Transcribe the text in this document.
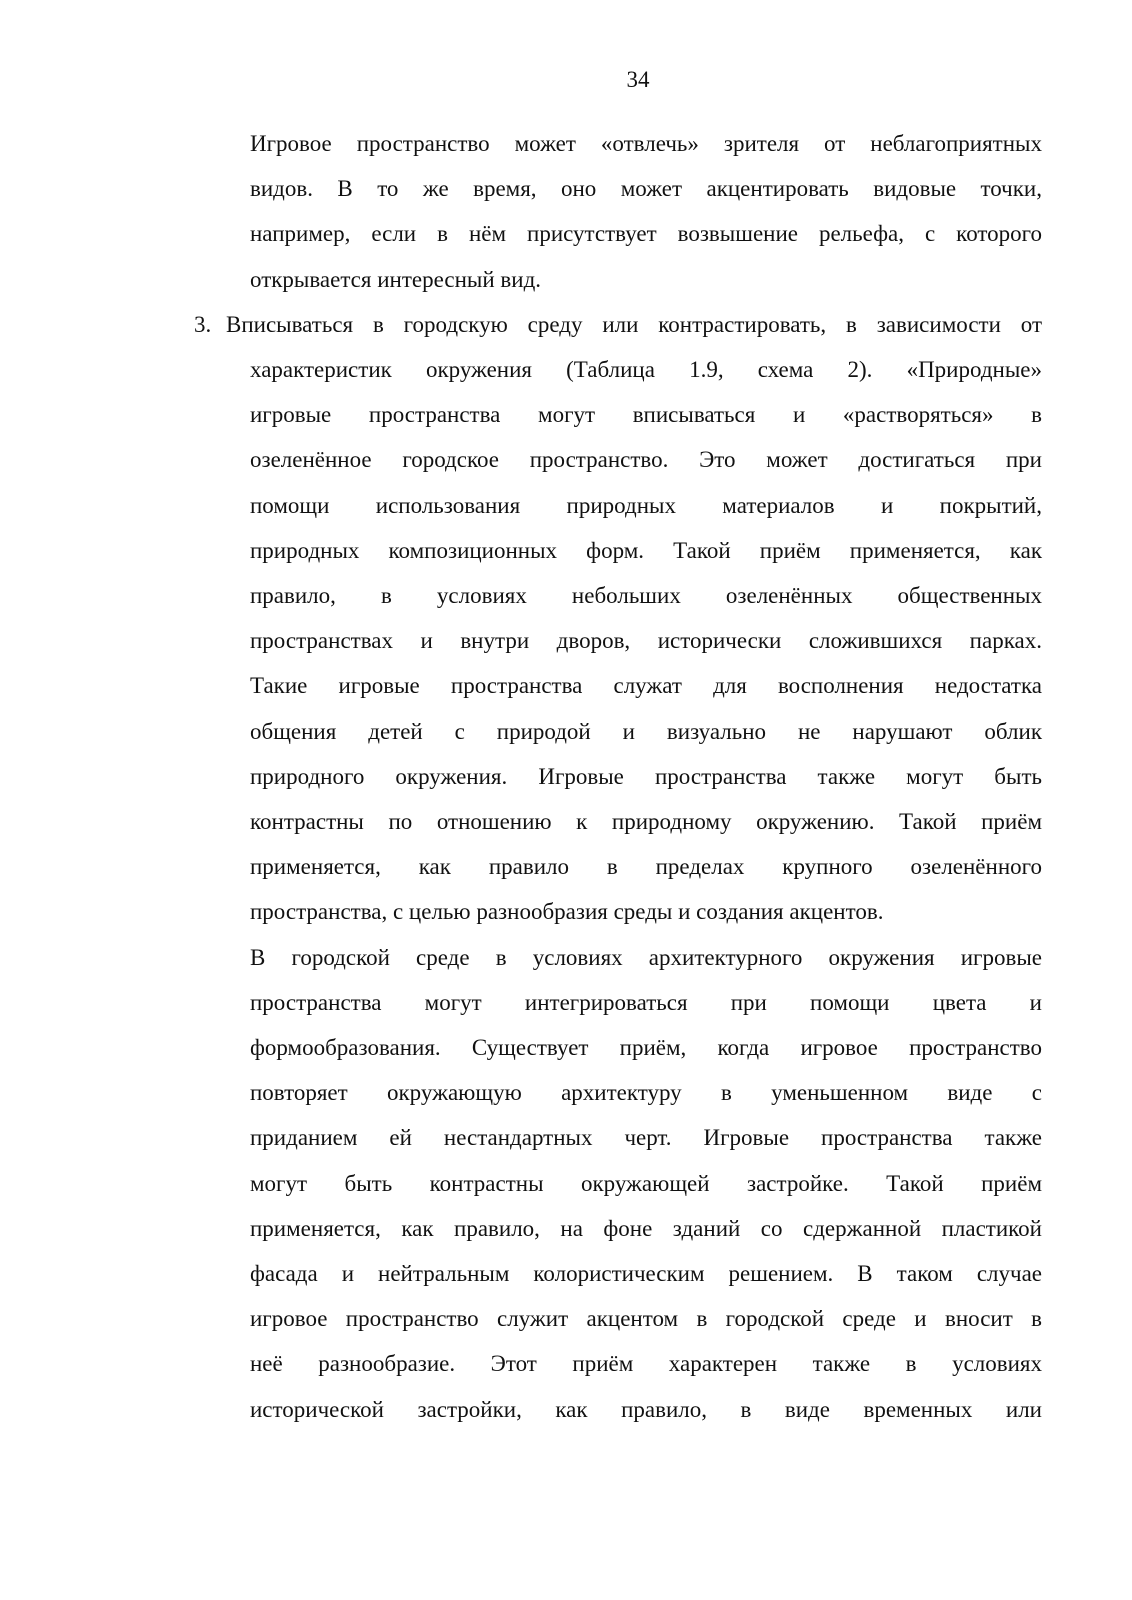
34
Игровое пространство может «отвлечь» зрителя от неблагоприятных
видов. В то же время, оно может акцентировать видовые точки,
например, если в нём присутствует возвышение рельефа, с которого
открывается интересный вид.
3. Вписываться в городскую среду или контрастировать, в зависимости от
характеристик окружения (Таблица 1.9, схема 2). «Природные»
игровые пространства могут вписываться и «растворяться» в
озеленённое городское пространство. Это может достигаться при
помощи использования природных материалов и покрытий,
природных композиционных форм. Такой приём применяется, как
правило, в условиях небольших озеленённых общественных
пространствах и внутри дворов, исторически сложившихся парках.
Такие игровые пространства служат для восполнения недостатка
общения детей с природой и визуально не нарушают облик
природного окружения. Игровые пространства также могут быть
контрастны по отношению к природному окружению. Такой приём
применяется, как правило в пределах крупного озеленённого
пространства, с целью разнообразия среды и создания акцентов.
В городской среде в условиях архитектурного окружения игровые
пространства могут интегрироваться при помощи цвета и
формообразования. Существует приём, когда игровое пространство
повторяет окружающую архитектуру в уменьшенном виде с
приданием ей нестандартных черт. Игровые пространства также
могут быть контрастны окружающей застройке. Такой приём
применяется, как правило, на фоне зданий со сдержанной пластикой
фасада и нейтральным колористическим решением. В таком случае
игровое пространство служит акцентом в городской среде и вносит в
неё разнообразие. Этот приём характерен также в условиях
исторической застройки, как правило, в виде временных или
